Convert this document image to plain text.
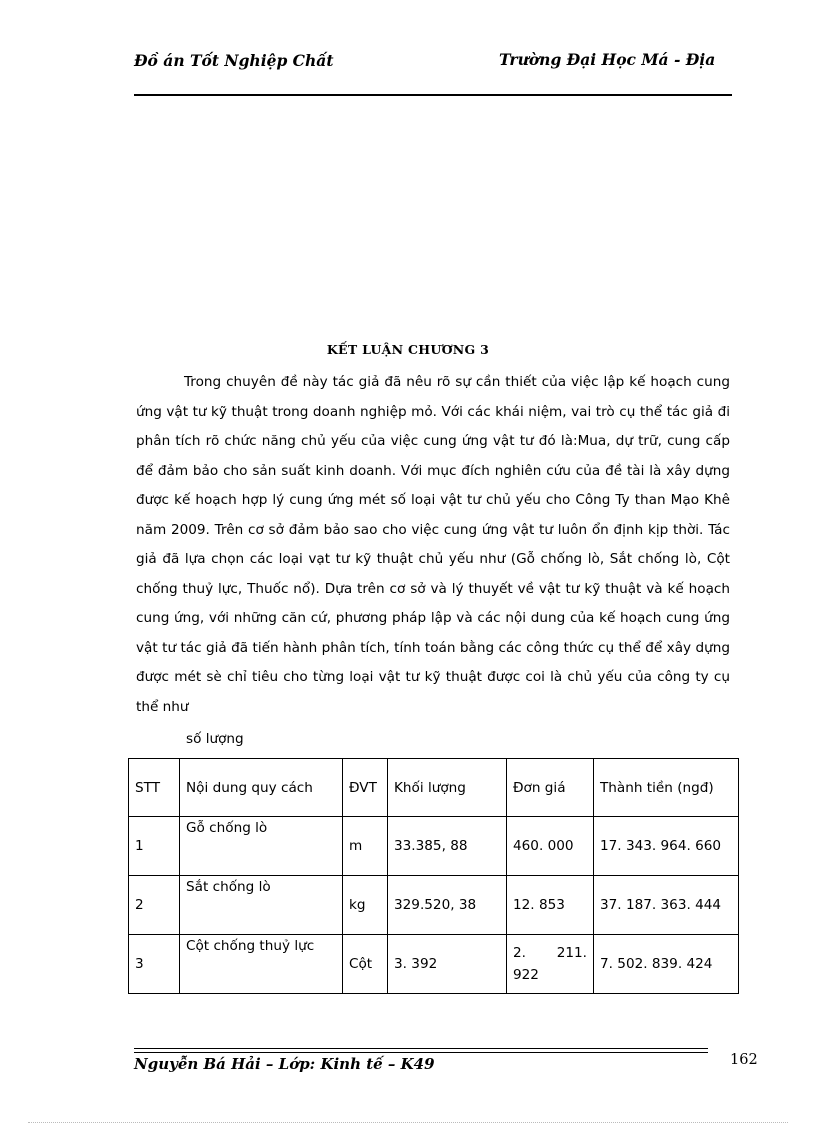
Đồ án Tốt Nghiệp Chất	Trường Đại Học Má - Địa
KẾT LUẬN CHƯƠNG 3

Trong chuyên đề này tác giả đã nêu rõ sự cần thiết của việc lập kế hoạch cung ứng vật tư kỹ thuật trong doanh nghiệp mỏ. Với các khái niệm, vai trò cụ thể tác giả đi phân tích rõ chức năng chủ yếu của việc cung ứng vật tư đó là:Mua, dự trữ, cung cấp để đảm bảo cho sản suất kinh doanh. Với mục đích nghiên cứu của đề tài là xây dựng được kế hoạch hợp lý cung ứng mét số loại vật tư chủ yếu cho Công Ty than Mạo Khê năm 2009. Trên cơ sở đảm bảo sao cho việc cung ứng vật tư luôn ổn định kịp thời. Tác giả đã lựa chọn các loại vạt tư kỹ thuật chủ yếu như (Gỗ chống lò, Sắt chống lò, Cột chống thuỷ lực, Thuốc nổ). Dựa trên cơ sở và lý thuyết về vật tư kỹ thuật và kế hoạch cung ứng, với những căn cứ, phương pháp lập và các nội dung của kế hoạch cung ứng vật tư tác giả đã tiến hành phân tích, tính toán bằng các công thức cụ thể để xây dựng được mét sè chỉ tiêu cho từng loại vật tư kỹ thuật được coi là chủ yếu của công ty cụ thể như

số lượng
STT	Nội dung quy cách	ĐVT	Khối lượng	Đơn giá	Thành tiền (ngđ)
1	Gỗ chống lò	m	33.385, 88	460. 000	17. 343. 964. 660
2	Sắt chống lò	kg	329.520, 38	12. 853	37. 187. 363. 444
3	Cột chống thuỷ lực	Cột	3. 392	2. 211. 922	7. 502. 839. 424
Nguyễn Bá Hải – Lớp: Kinh tế – K49	162
